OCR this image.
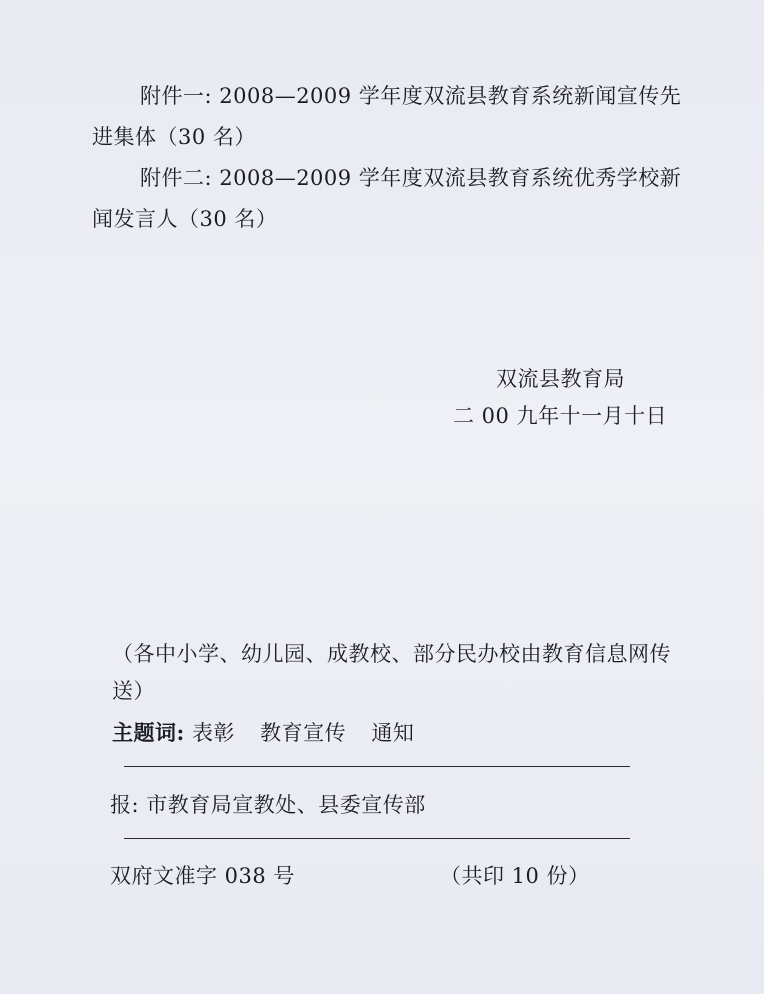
附件一: 2008—2009 学年度双流县教育系统新闻宣传先
进集体（30 名）
附件二: 2008—2009 学年度双流县教育系统优秀学校新
闻发言人（30 名）
双流县教育局
二 00 九年十一月十日
（各中小学、幼儿园、成教校、部分民办校由教育信息网传
送）
主题词: 表彰 教育宣传 通知
报: 市教育局宣教处、县委宣传部
双府文准字 038 号	（共印 10 份）
